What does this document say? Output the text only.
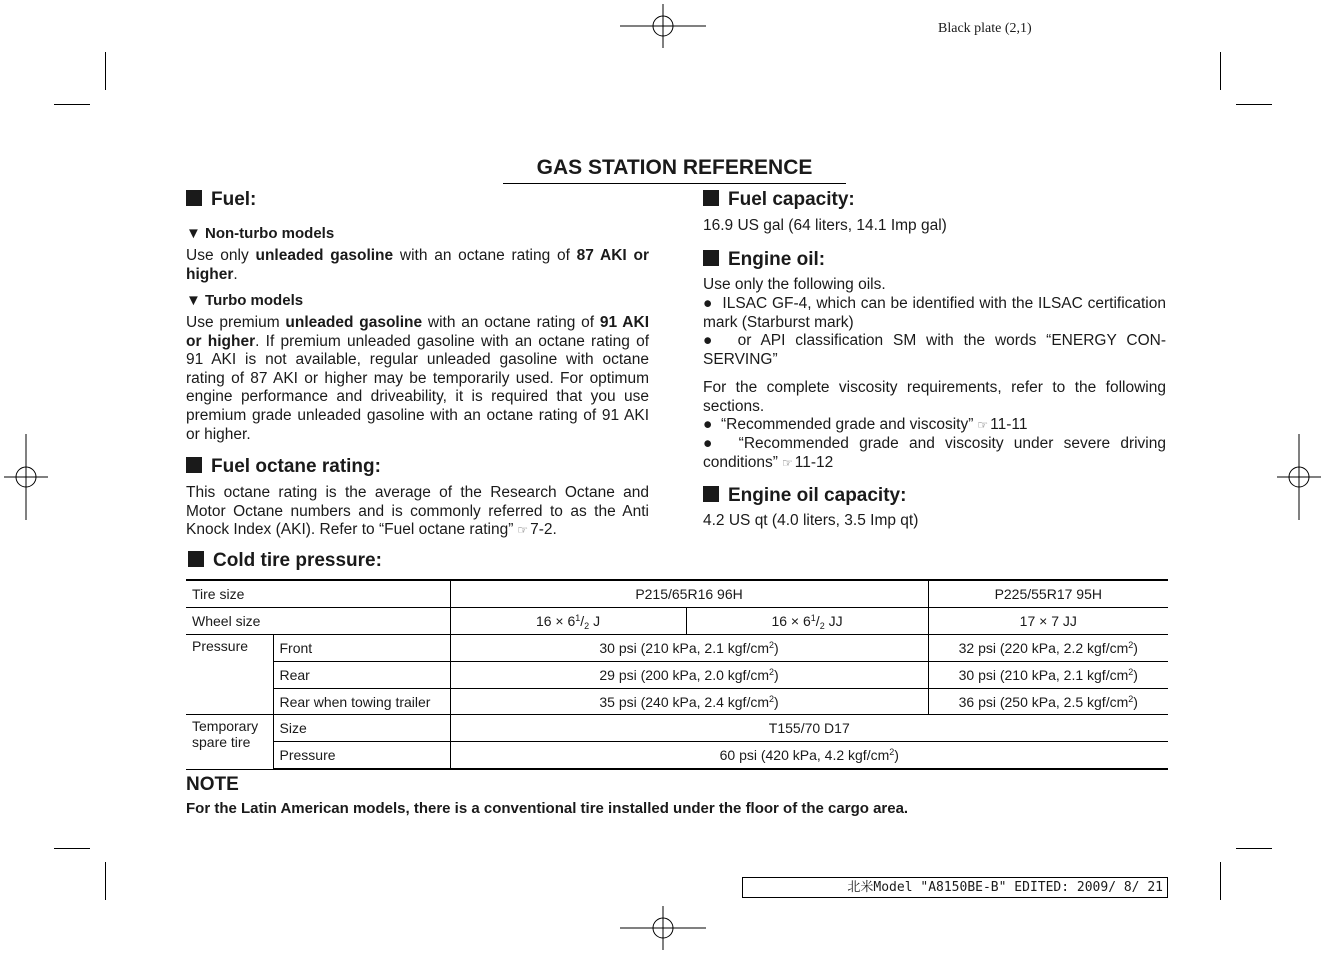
Black plate (2,1)
GAS STATION REFERENCE
Fuel:
▼ Non-turbo models
Use only unleaded gasoline with an octane rating of 87 AKI or higher.
▼ Turbo models
Use premium unleaded gasoline with an octane rating of 91 AKI or higher. If premium unleaded gasoline with an octane rating of 91 AKI is not available, regular unleaded gasoline with octane rating of 87 AKI or higher may be temporarily used. For optimum engine performance and driveability, it is required that you use premium grade unleaded gasoline with an octane rating of 91 AKI or higher.
Fuel octane rating:
This octane rating is the average of the Research Octane and Motor Octane numbers and is commonly referred to as the Anti Knock Index (AKI). Refer to “Fuel octane rating” ☞ 7-2.
Fuel capacity:
16.9 US gal (64 liters, 14.1 Imp gal)
Engine oil:
Use only the following oils.
●  ILSAC GF-4, which can be identified with the ILSAC certification mark (Starburst mark)
●  or API classification SM with the words “ENERGY CON-SERVING”
For the complete viscosity requirements, refer to the following sections.
●  “Recommended grade and viscosity” ☞ 11-11
●  “Recommended grade and viscosity under severe driving conditions” ☞ 11-12
Engine oil capacity:
4.2 US qt (4.0 liters, 3.5 Imp qt)
Cold tire pressure:
Tire size		P215/65R16 96H		P225/55R17 95H
Wheel size		$16 \times 6^1/_2$ J	$16 \times 6^1/_2$ JJ	17 × 7 JJ
Pressure	Front	30 psi (210 kPa, 2.1 kgf/$cm^2$)		32 psi (220 kPa, 2.2 kgf/$cm^2$)
	Rear	29 psi (200 kPa, 2.0 kgf/$cm^2$)		30 psi (210 kPa, 2.1 kgf/$cm^2$)
	Rear when towing trailer	35 psi (240 kPa, 2.4 kgf/$cm^2$)		36 psi (250 kPa, 2.5 kgf/$cm^2$)
Temporary
spare tire	Size	T155/70 D17		
	Pressure	60 psi (420 kPa, 4.2 kgf/$cm^2$)		
NOTE
For the Latin American models, there is a conventional tire installed under the floor of the cargo area.
北米Model "A8150BE-B" EDITED: 2009/ 8/ 21
